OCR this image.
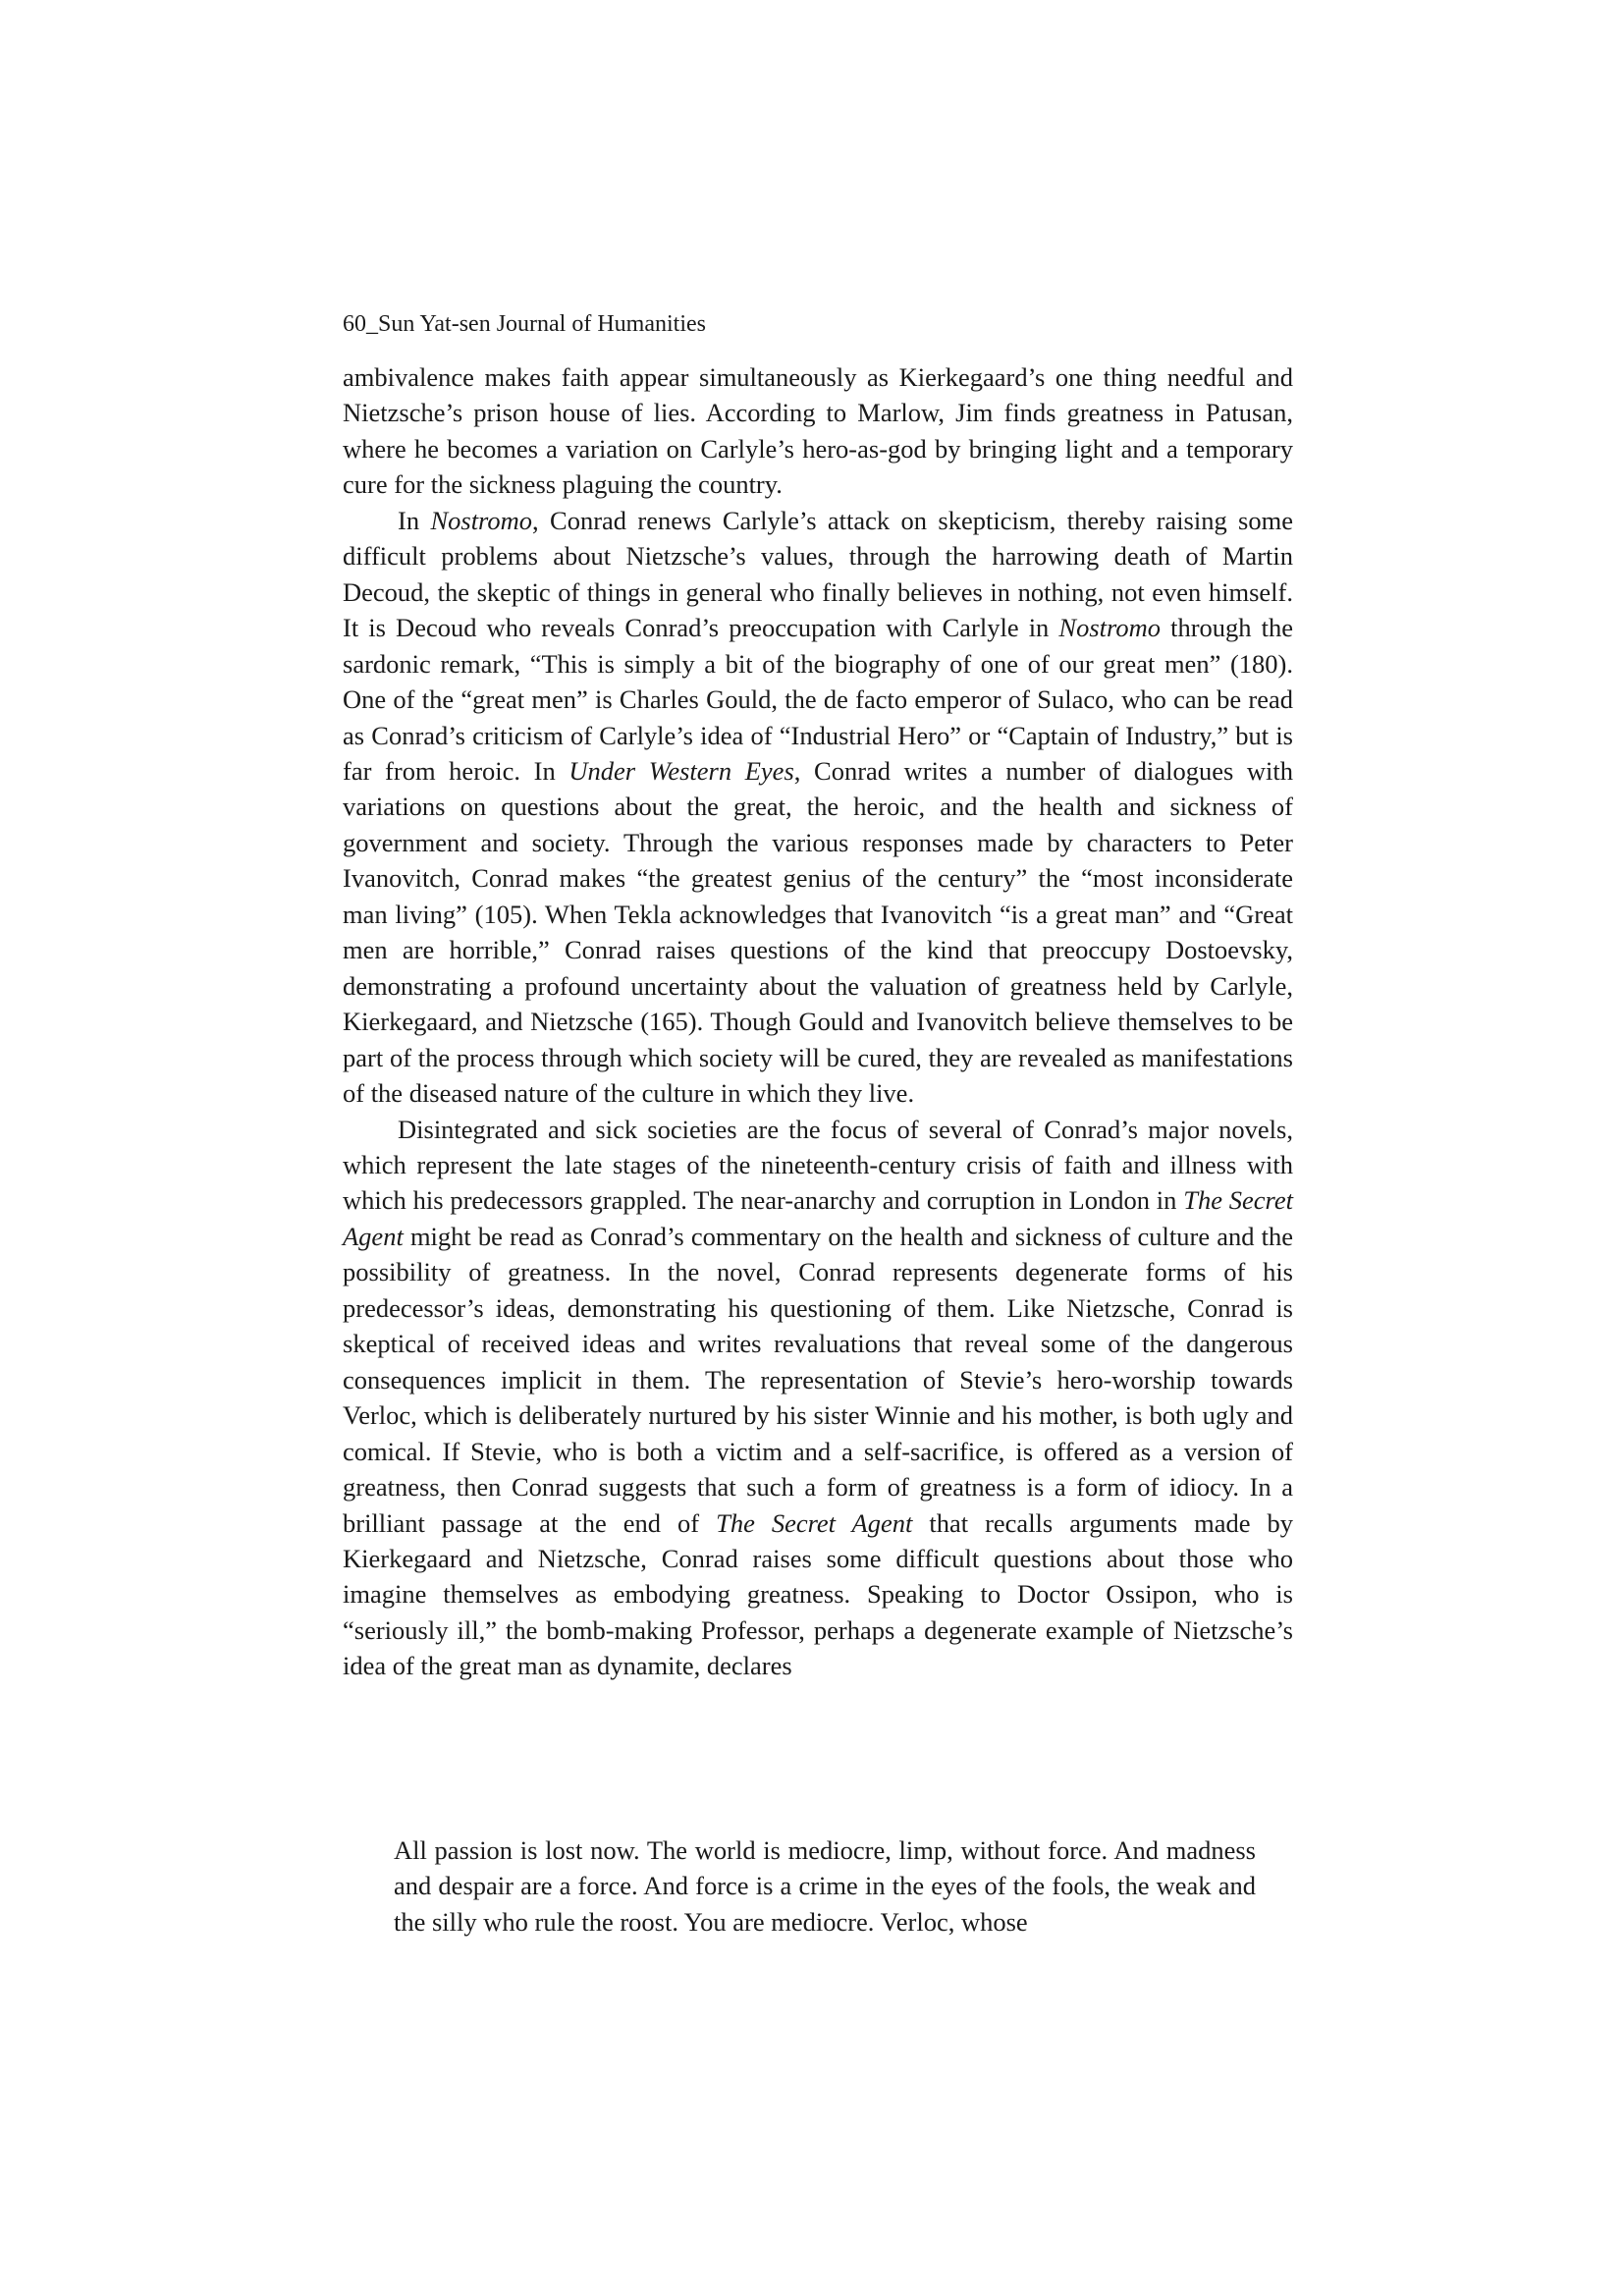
60_Sun Yat-sen Journal of Humanities

ambivalence makes faith appear simultaneously as Kierkegaard’s one thing needful and Nietzsche’s prison house of lies. According to Marlow, Jim finds greatness in Patusan, where he becomes a variation on Carlyle’s hero-as-god by bringing light and a temporary cure for the sickness plaguing the country.

In Nostromo, Conrad renews Carlyle’s attack on skepticism, thereby raising some difficult problems about Nietzsche’s values, through the harrowing death of Martin Decoud, the skeptic of things in general who finally believes in nothing, not even himself. It is Decoud who reveals Conrad’s preoccupation with Carlyle in Nostromo through the sardonic remark, “This is simply a bit of the biography of one of our great men” (180). One of the “great men” is Charles Gould, the de facto emperor of Sulaco, who can be read as Conrad’s criticism of Carlyle’s idea of “Industrial Hero” or “Captain of Industry,” but is far from heroic. In Under Western Eyes, Conrad writes a number of dialogues with variations on questions about the great, the heroic, and the health and sickness of government and society. Through the various responses made by characters to Peter Ivanovitch, Conrad makes “the greatest genius of the century” the “most inconsiderate man living” (105). When Tekla acknowledges that Ivanovitch “is a great man” and “Great men are horrible,” Conrad raises questions of the kind that preoccupy Dostoevsky, demonstrating a profound uncertainty about the valuation of greatness held by Carlyle, Kierkegaard, and Nietzsche (165). Though Gould and Ivanovitch believe themselves to be part of the process through which society will be cured, they are revealed as manifestations of the diseased nature of the culture in which they live.

Disintegrated and sick societies are the focus of several of Conrad’s major novels, which represent the late stages of the nineteenth-century crisis of faith and illness with which his predecessors grappled. The near-anarchy and corruption in London in The Secret Agent might be read as Conrad’s commentary on the health and sickness of culture and the possibility of greatness. In the novel, Conrad represents degenerate forms of his predecessor’s ideas, demonstrating his questioning of them. Like Nietzsche, Conrad is skeptical of received ideas and writes revaluations that reveal some of the dangerous consequences implicit in them. The representation of Stevie’s hero-worship towards Verloc, which is deliberately nurtured by his sister Winnie and his mother, is both ugly and comical. If Stevie, who is both a victim and a self-sacrifice, is offered as a version of greatness, then Conrad suggests that such a form of greatness is a form of idiocy. In a brilliant passage at the end of The Secret Agent that recalls arguments made by Kierkegaard and Nietzsche, Conrad raises some difficult questions about those who imagine themselves as embodying greatness. Speaking to Doctor Ossipon, who is “seriously ill,” the bomb-making Professor, perhaps a degenerate example of Nietzsche’s idea of the great man as dynamite, declares

All passion is lost now. The world is mediocre, limp, without force. And madness and despair are a force. And force is a crime in the eyes of the fools, the weak and the silly who rule the roost. You are mediocre. Verloc, whose
